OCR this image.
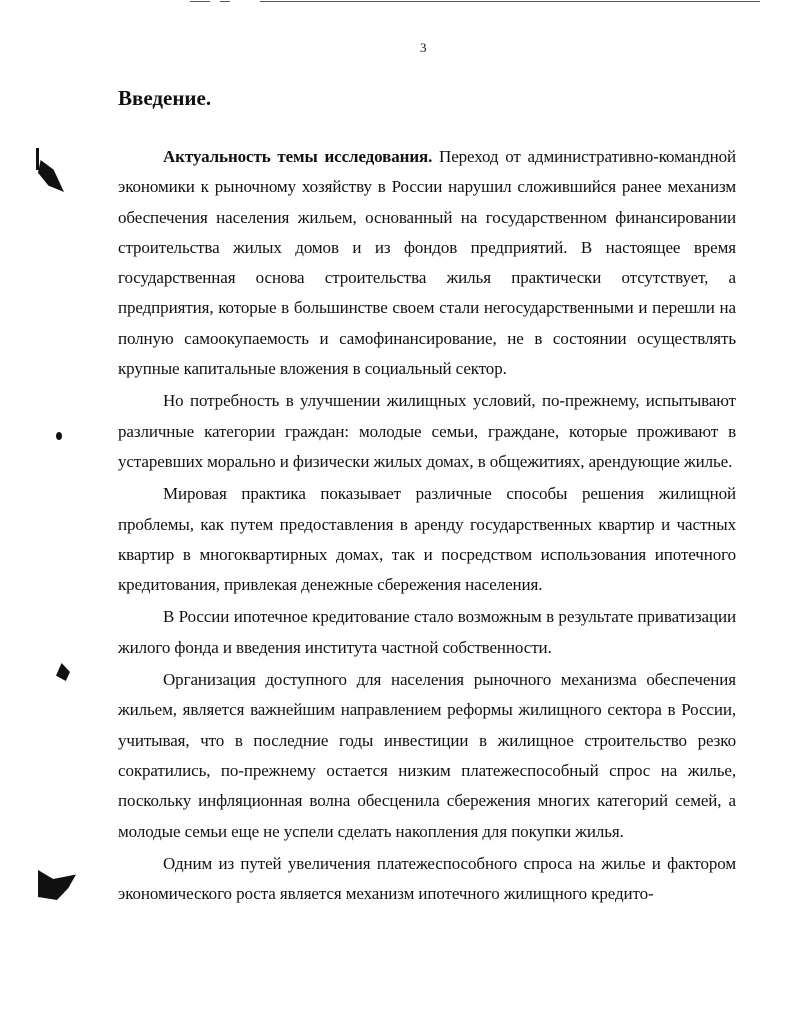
3
Введение.

Актуальность темы исследования. Переход от административно-командной экономики к рыночному хозяйству в России нарушил сложившийся ранее механизм обеспечения населения жильем, основанный на государственном финансировании строительства жилых домов и из фондов предприятий. В настоящее время государственная основа строительства жилья практически отсутствует, а предприятия, которые в большинстве своем стали негосударственными и перешли на полную самоокупаемость и самофинансирование, не в состоянии осуществлять крупные капитальные вложения в социальный сектор.

Но потребность в улучшении жилищных условий, по-прежнему, испытывают различные категории граждан: молодые семьи, граждане, которые проживают в устаревших морально и физически жилых домах, в общежитиях, арендующие жилье.

Мировая практика показывает различные способы решения жилищной проблемы, как путем предоставления в аренду государственных квартир и частных квартир в многоквартирных домах, так и посредством использования ипотечного кредитования, привлекая денежные сбережения населения.

В России ипотечное кредитование стало возможным в результате приватизации жилого фонда и введения института частной собственности.

Организация доступного для населения рыночного механизма обеспечения жильем, является важнейшим направлением реформы жилищного сектора в России, учитывая, что в последние годы инвестиции в жилищное строительство резко сократились, по-прежнему остается низким платежеспособный спрос на жилье, поскольку инфляционная волна обесценила сбережения многих категорий семей, а молодые семьи еще не успели сделать накопления для покупки жилья.

Одним из путей увеличения платежеспособного спроса на жилье и фактором экономического роста является механизм ипотечного жилищного кредито-
